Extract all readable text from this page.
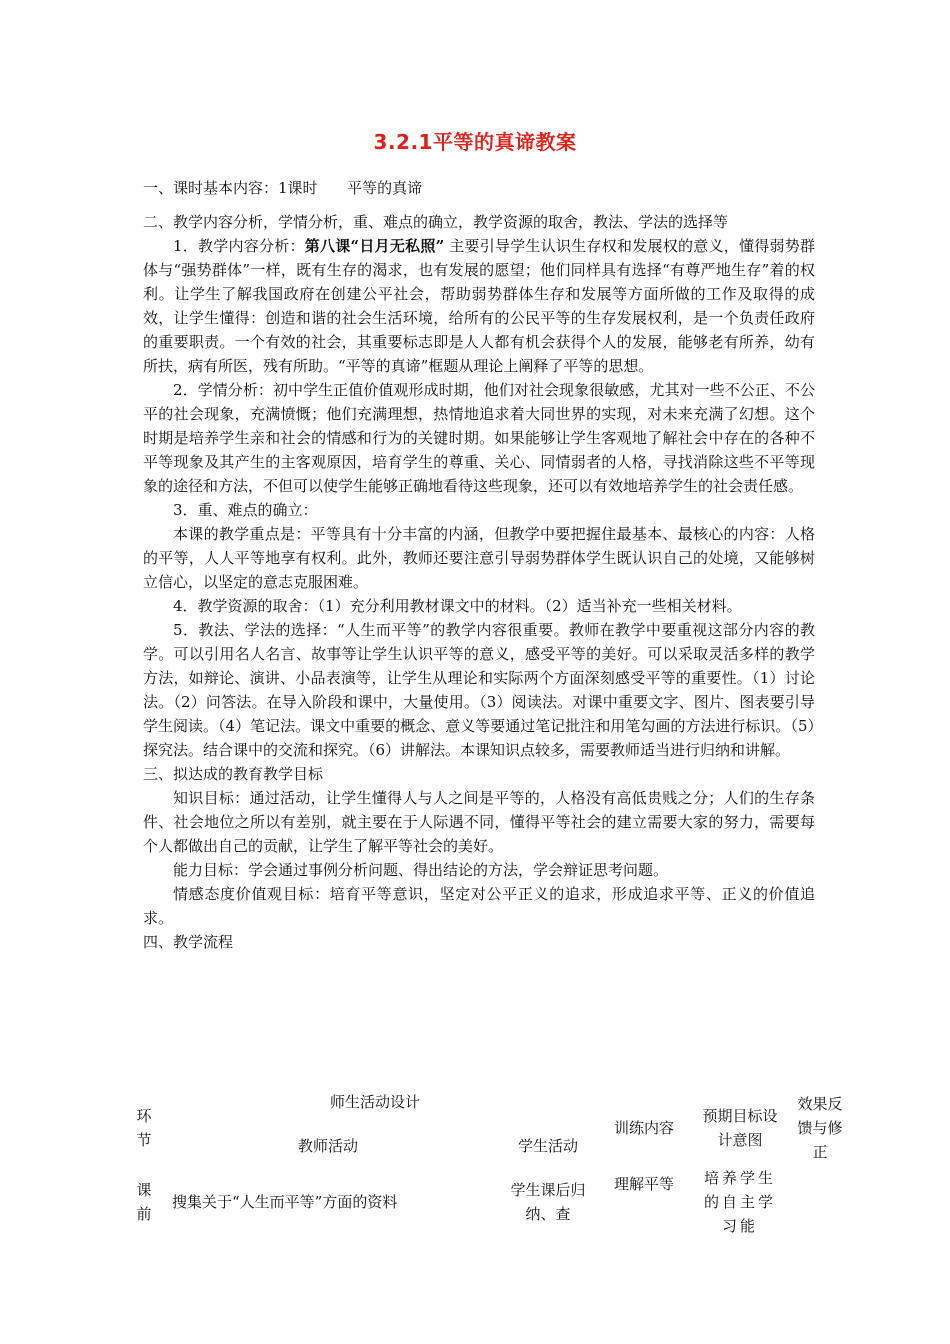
3.2.1平等的真谛教案

一、课时基本内容：1课时 平等的真谛

二、教学内容分析，学情分析，重、难点的确立，教学资源的取舍，教法、学法的选择等

1．教学内容分析：第八课“日月无私照” 主要引导学生认识生存权和发展权的意义，懂得弱势群体与“强势群体”一样，既有生存的渴求，也有发展的愿望；他们同样具有选择“有尊严地生存”着的权利。让学生了解我国政府在创建公平社会，帮助弱势群体生存和发展等方面所做的工作及取得的成效，让学生懂得：创造和谐的社会生活环境，给所有的公民平等的生存发展权利，是一个负责任政府的重要职责。一个有效的社会，其重要标志即是人人都有机会获得个人的发展，能够老有所养，幼有所扶，病有所医，残有所助。“平等的真谛”框题从理论上阐释了平等的思想。

2．学情分析：初中学生正值价值观形成时期，他们对社会现象很敏感，尤其对一些不公正、不公平的社会现象，充满愤慨；他们充满理想，热情地追求着大同世界的实现，对未来充满了幻想。这个时期是培养学生亲和社会的情感和行为的关键时期。如果能够让学生客观地了解社会中存在的各种不平等现象及其产生的主客观原因，培育学生的尊重、关心、同情弱者的人格，寻找消除这些不平等现象的途径和方法，不但可以使学生能够正确地看待这些现象，还可以有效地培养学生的社会责任感。

3．重、难点的确立：

本课的教学重点是：平等具有十分丰富的内涵，但教学中要把握住最基本、最核心的内容：人格的平等，人人平等地享有权利。此外，教师还要注意引导弱势群体学生既认识自己的处境，又能够树立信心，以坚定的意志克服困难。

4．教学资源的取舍：（1）充分利用教材课文中的材料。（2）适当补充一些相关材料。

5．教法、学法的选择：“人生而平等”的教学内容很重要。教师在教学中要重视这部分内容的教学。可以引用名人名言、故事等让学生认识平等的意义，感受平等的美好。可以采取灵活多样的教学方法，如辩论、演讲、小品表演等，让学生从理论和实际两个方面深刻感受平等的重要性。（1）讨论法。（2）问答法。在导入阶段和课中，大量使用。（3）阅读法。对课中重要文字、图片、图表要引导学生阅读。（4）笔记法。课文中重要的概念、意义等要通过笔记批注和用笔勾画的方法进行标识。（5）探究法。结合课中的交流和探究。（6）讲解法。本课知识点较多，需要教师适当进行归纳和讲解。

三、拟达成的教育教学目标

知识目标：通过活动，让学生懂得人与人之间是平等的，人格没有高低贵贱之分；人们的生存条件、社会地位之所以有差别，就主要在于人际遇不同，懂得平等社会的建立需要大家的努力，需要每个人都做出自己的贡献，让学生了解平等社会的美好。

能力目标：学会通过事例分析问题、得出结论的方法，学会辩证思考问题。

情感态度价值观目标：培育平等意识，坚定对公平正义的追求，形成追求平等、正义的价值追求。

四、教学流程

环节	师生活动设计		训练内容	预期目标设计意图	效果反馈与修正
	教师活动	学生活动			
课前	搜集关于“人生而平等”方面的资料	学生课后归纳、查	理解平等	培养学生的自主学习能	
